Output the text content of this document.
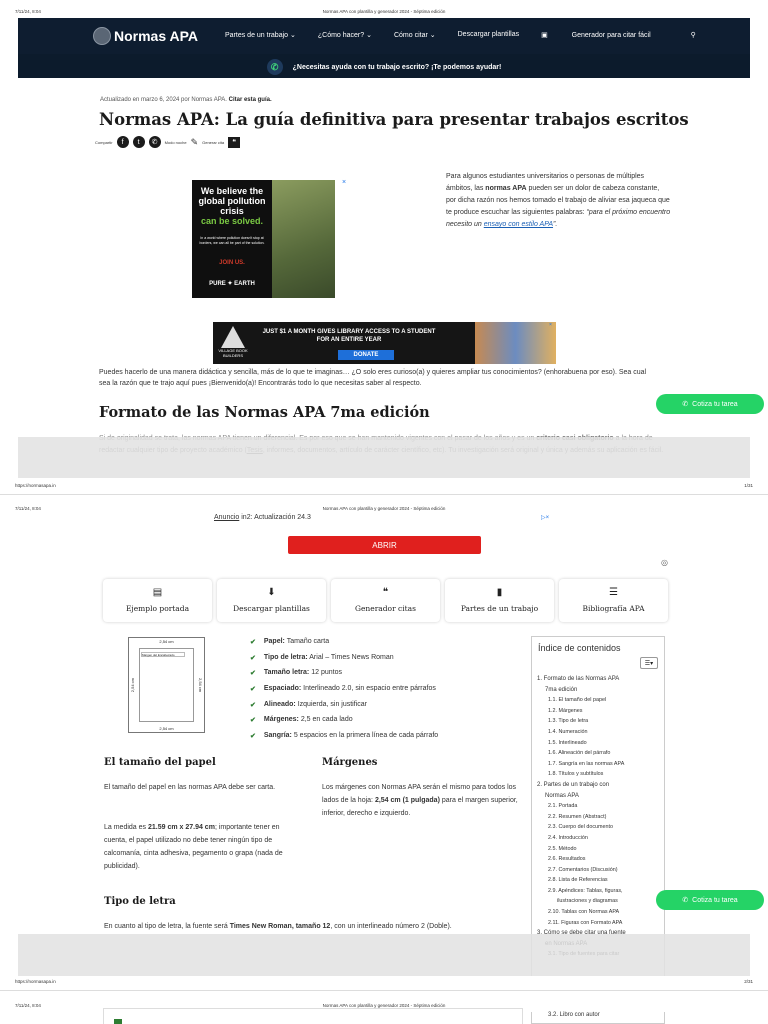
7/11/24, 8:04	Normas APA con plantilla y generador 2024 - Séptima edición
Normas APA	Partes de un trabajo ⌄	¿Cómo hacer? ⌄	Cómo citar ⌄	Descargar plantillas	▣	Generador para citar fácil	⚲
✆	¿Necesitas ayuda con tu trabajo escrito? ¡Te podemos ayudar!
Actualizado en marzo 6, 2024 por Normas APA. Citar esta guía.
Normas APA: La guía definitiva para presentar trabajos escritos
Compartir	f	t	✆	Modo noche ✎ Generar cita	❝
We believe the global pollution crisis
can be solved.
In a world where pollution doesn't stop at borders, we can all be part of the solution.
JOIN US.
PURE ✦ EARTH
×
Para algunos estudiantes universitarios o personas de múltiples ámbitos, las normas APA pueden ser un dolor de cabeza constante, por dicha razón nos hemos tomado el trabajo de aliviar esa jaqueca que te produce escuchar las siguientes palabras: “para el próximo encuentro necesito un ensayo con estilo APA”.
VILLAGE BOOK BUILDERS
JUST $1 A MONTH GIVES LIBRARY ACCESS TO A STUDENT FOR AN ENTIRE YEAR
DONATE
×

Puedes hacerlo de una manera didáctica y sencilla, más de lo que te imaginas… ¿O solo eres curioso(a) y quieres ampliar tus conocimientos? (enhorabuena por eso). Sea cual sea la razón que te trajo aquí pues ¡Bienvenido(a)! Encontrarás todo lo que necesitas saber al respecto.

Formato de las Normas APA 7ma edición	✆ Cotiza tu tarea

https://normasapa.in	1/31
7/11/24, 8:04	Normas APA con plantilla y generador 2024 - Séptima edición
Anuncio in2: Actualización 24.3	▷×
ABRIR
◎
▤
Ejemplo portada
⬇
Descargar plantillas
❝
Generador citas
▮
Partes de un trabajo
☰
Bibliografía APA
2,54 cm
2,54 cm
2,54 cm	2,54 cm
Margen del Encabezado
✔ Papel: Tamaño carta
✔ Tipo de letra: Arial – Times News Roman
✔ Tamaño letra: 12 puntos
✔ Espaciado: Interlineado 2.0, sin espacio entre párrafos
✔ Alineado: Izquierda, sin justificar
✔ Márgenes: 2,5 en cada lado
✔ Sangría: 5 espacios en la primera línea de cada párrafo
Índice de contenidos
☰▾
1. Formato de las Normas APA
7ma edición
1.1. El tamaño del papel
1.2. Márgenes
1.3. Tipo de letra
1.4. Numeración
1.5. Interlineado
1.6. Alineación del párrafo
1.7. Sangría en las normas APA
1.8. Títulos y subtítulos
2. Partes de un trabajo con
Normas APA
2.1. Portada
2.2. Resumen (Abstract)
2.3. Cuerpo del documento
2.4. Introducción
2.5. Método
2.6. Resultados
2.7. Comentarios (Discusión)
2.8. Lista de Referencias
2.9. Apéndices: Tablas, figuras,
ilustraciones y diagramas
2.10. Tablas con Normas APA
2.11. Figuras con Formato APA
El tamaño del papel

El tamaño del papel en las normas APA debe ser carta.

La medida es 21.59 cm x 27.94 cm; importante tener en cuenta, el papel utilizado no debe tener ningún tipo de calcomanía, cinta adhesiva, pegamento o grapa (nada de publicidad).

Márgenes

Los márgenes con Normas APA serán el mismo para todos los lados de la hoja: 2,54 cm (1 pulgada) para el margen superior, inferior, derecho e izquierdo.

Tipo de letra

En cuanto al tipo de letra, la fuente será Times New Roman, tamaño 12, con un interlineado número 2 (Doble).

✆ Cotiza tu tarea
https://normasapa.in	2/31
7/11/24, 8:04	Normas APA con plantilla y generador 2024 - Séptima edición
3.2. Libro con autor
